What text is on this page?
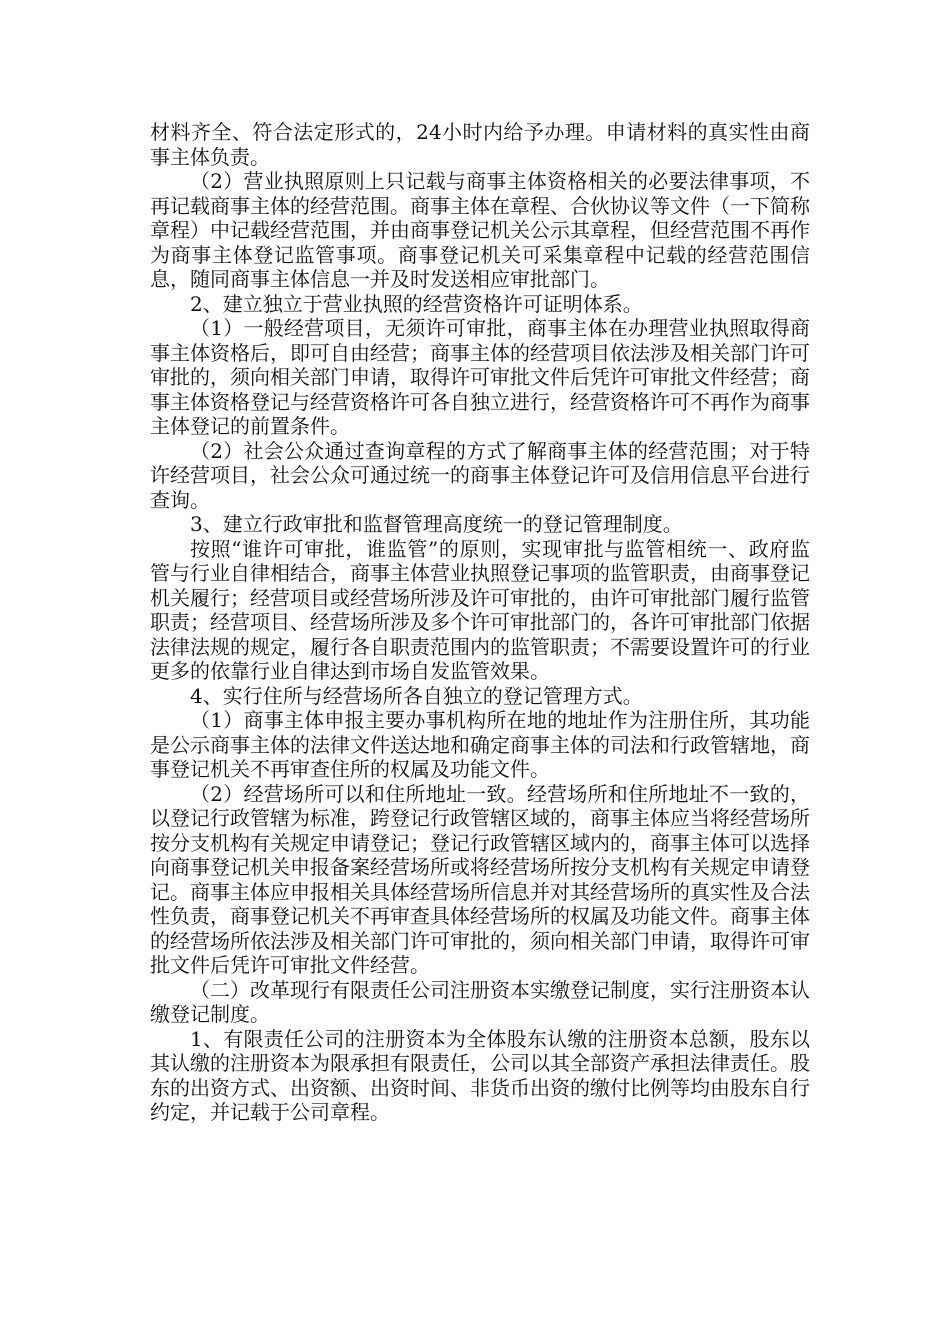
材料齐全、符合法定形式的，24小时内给予办理。申请材料的真实性由商事主体负责。

（2）营业执照原则上只记载与商事主体资格相关的必要法律事项，不再记载商事主体的经营范围。商事主体在章程、合伙协议等文件（一下简称章程）中记载经营范围，并由商事登记机关公示其章程，但经营范围不再作为商事主体登记监管事项。商事登记机关可采集章程中记载的经营范围信息，随同商事主体信息一并及时发送相应审批部门。

2、建立独立于营业执照的经营资格许可证明体系。

（1）一般经营项目，无须许可审批，商事主体在办理营业执照取得商事主体资格后，即可自由经营；商事主体的经营项目依法涉及相关部门许可审批的，须向相关部门申请，取得许可审批文件后凭许可审批文件经营；商事主体资格登记与经营资格许可各自独立进行，经营资格许可不再作为商事主体登记的前置条件。

（2）社会公众通过查询章程的方式了解商事主体的经营范围；对于特许经营项目，社会公众可通过统一的商事主体登记许可及信用信息平台进行查询。

3、建立行政审批和监督管理高度统一的登记管理制度。

按照“谁许可审批，谁监管”的原则，实现审批与监管相统一、政府监管与行业自律相结合，商事主体营业执照登记事项的监管职责，由商事登记机关履行；经营项目或经营场所涉及许可审批的，由许可审批部门履行监管职责；经营项目、经营场所涉及多个许可审批部门的，各许可审批部门依据法律法规的规定，履行各自职责范围内的监管职责；不需要设置许可的行业更多的依靠行业自律达到市场自发监管效果。

4、实行住所与经营场所各自独立的登记管理方式。

（1）商事主体申报主要办事机构所在地的地址作为注册住所，其功能是公示商事主体的法律文件送达地和确定商事主体的司法和行政管辖地，商事登记机关不再审查住所的权属及功能文件。

（2）经营场所可以和住所地址一致。经营场所和住所地址不一致的，以登记行政管辖为标准，跨登记行政管辖区域的，商事主体应当将经营场所按分支机构有关规定申请登记；登记行政管辖区域内的，商事主体可以选择向商事登记机关申报备案经营场所或将经营场所按分支机构有关规定申请登记。商事主体应申报相关具体经营场所信息并对其经营场所的真实性及合法性负责，商事登记机关不再审查具体经营场所的权属及功能文件。商事主体的经营场所依法涉及相关部门许可审批的，须向相关部门申请，取得许可审批文件后凭许可审批文件经营。

（二）改革现行有限责任公司注册资本实缴登记制度，实行注册资本认缴登记制度。

1、有限责任公司的注册资本为全体股东认缴的注册资本总额，股东以其认缴的注册资本为限承担有限责任，公司以其全部资产承担法律责任。股东的出资方式、出资额、出资时间、非货币出资的缴付比例等均由股东自行约定，并记载于公司章程。
